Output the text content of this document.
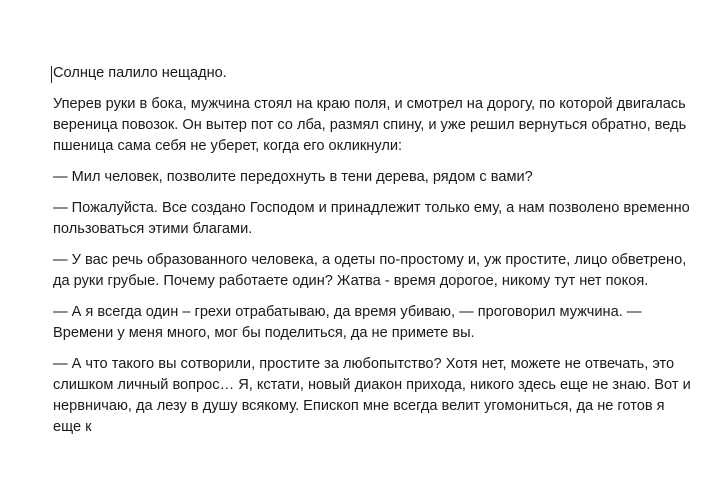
Солнце палило нещадно.

Уперев руки в бока, мужчина стоял на краю поля, и смотрел на дорогу, по которой двигалась вереница повозок. Он вытер пот со лба, размял спину, и уже решил вернуться обратно, ведь пшеница сама себя не уберет, когда его окликнули:

— Мил человек, позволите передохнуть в тени дерева, рядом с вами?

— Пожалуйста. Все создано Господом и принадлежит только ему, а нам позволено временно пользоваться этими благами.

— У вас речь образованного человека, а одеты по-простому и, уж простите, лицо обветрено, да руки грубые. Почему работаете один? Жатва - время дорогое, никому тут нет покоя.

— А я всегда один – грехи отрабатываю, да время убиваю, — проговорил мужчина. — Времени у меня много, мог бы поделиться, да не примете вы.

— А что такого вы сотворили, простите за любопытство? Хотя нет, можете не отвечать, это слишком личный вопрос… Я, кстати, новый диакон прихода, никого здесь еще не знаю. Вот и нервничаю, да лезу в душу всякому. Епископ мне всегда велит угомониться, да не готов я еще к
